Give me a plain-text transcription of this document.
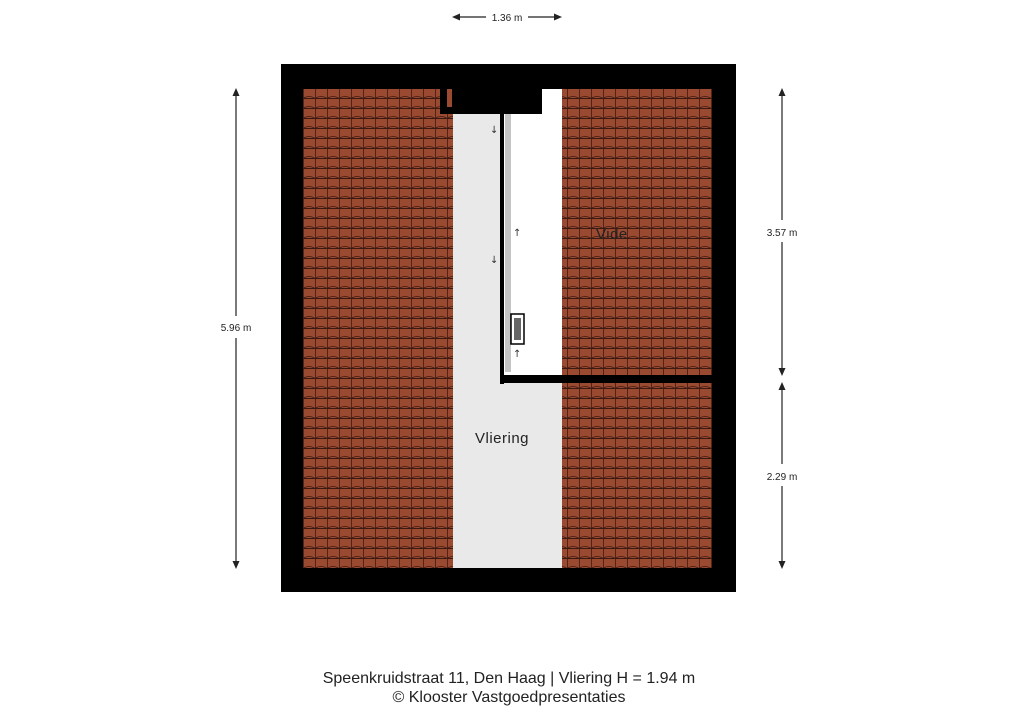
↓
↑
↓
↑
Vide
Vliering
1.36 m
5.96 m
3.57 m
2.29 m
Speenkruidstraat 11, Den Haag | Vliering H = 1.94 m
© Klooster Vastgoedpresentaties
